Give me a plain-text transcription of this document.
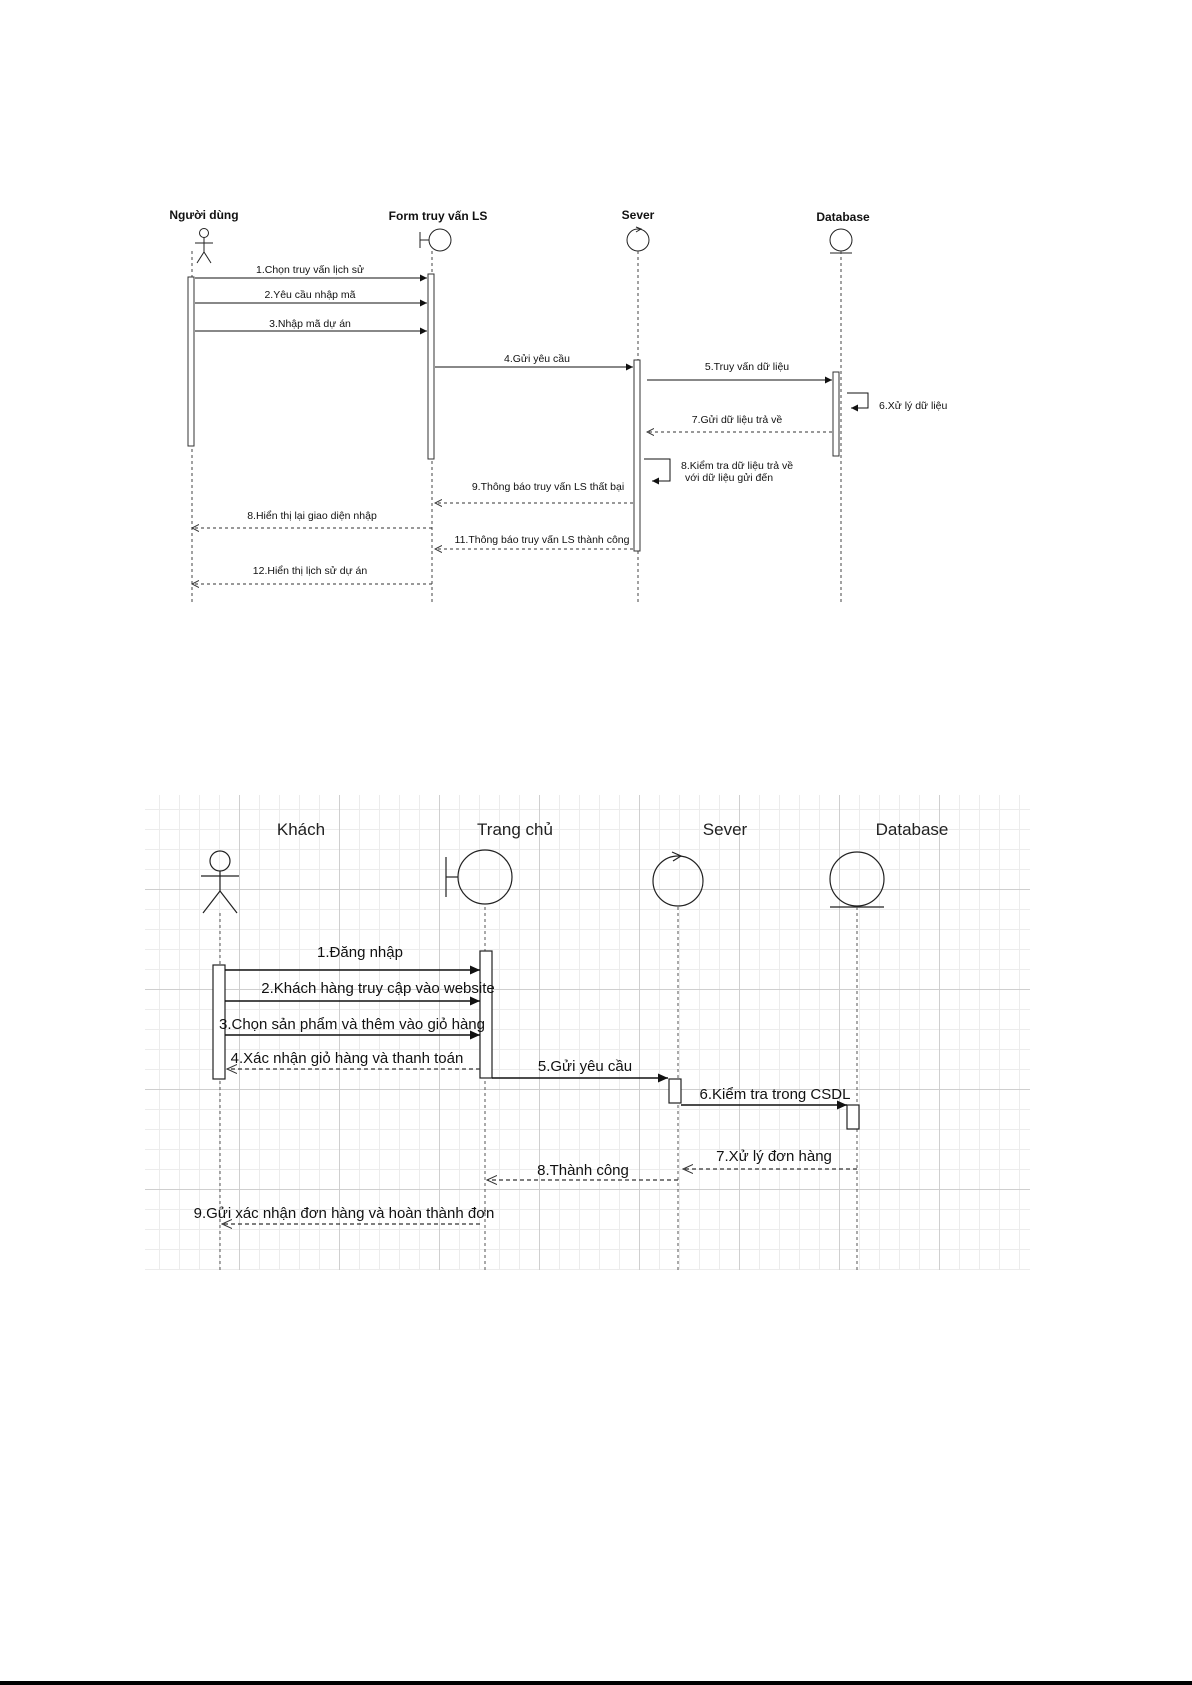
Người dùng	Form truy vấn LS	Sever	Database
1.Chọn truy vấn lịch sử
2.Yêu cầu nhập mã
3.Nhập mã dự án
4.Gửi yêu cầu
5.Truy vấn dữ liệu
6.Xử lý dữ liệu
7.Gửi dữ liệu trả về
8.Kiểm tra dữ liệu trả về
với dữ liệu gửi đến
9.Thông báo truy vấn LS thất bại
8.Hiển thị lại giao diện nhập
11.Thông báo truy vấn LS thành công
12.Hiển thị lịch sử dự án
Khách	Trang chủ	Sever	Database
1.Đăng nhập
2.Khách hàng truy cập vào website
3.Chọn sản phẩm và thêm vào giỏ hàng
4.Xác nhận giỏ hàng và thanh toán	5.Gửi yêu cầu
6.Kiểm tra trong CSDL
7.Xử lý đơn hàng
8.Thành công
9.Gửi xác nhận đơn hàng và hoàn thành đơn
